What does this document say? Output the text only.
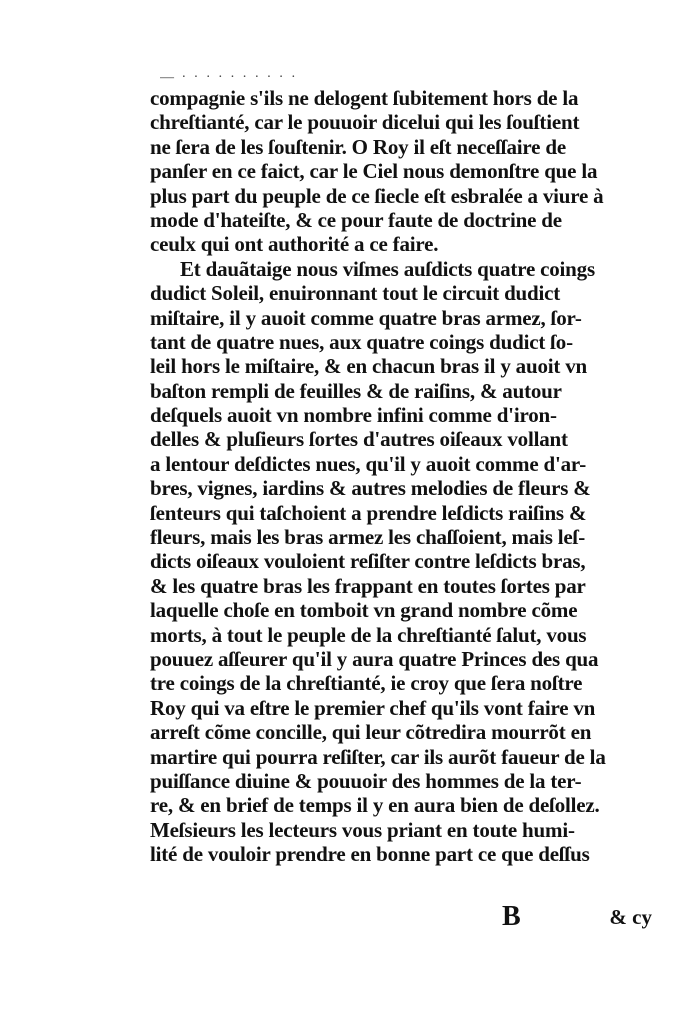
— · · · · · · · · · ·
compagnie s'ils ne delogent ſubitement hors de la
chreſtianté, car le pouuoir dicelui qui les ſouſtient
ne ſera de les ſouſtenir. O Roy il eſt neceſſaire de
panſer en ce faict, car le Ciel nous demonſtre que la
plus part du peuple de ce ſiecle eſt esbralée a viure à
mode d'hateiſte, & ce pour faute de doctrine de
ceulx qui ont authorité a ce faire.
Et dauãtaige nous viſmes auſdicts quatre coings
dudict Soleil, enuironnant tout le circuit dudict
miſtaire, il y auoit comme quatre bras armez, ſor-
tant de quatre nues, aux quatre coings dudict ſo-
leil hors le miſtaire, & en chacun bras il y auoit vn
baſton rempli de feuilles & de raiſins, & autour
deſquels auoit vn nombre infini comme d'iron-
delles & pluſieurs ſortes d'autres oiſeaux vollant
a lentour deſdictes nues, qu'il y auoit comme d'ar-
bres, vignes, iardins & autres melodies de fleurs &
ſenteurs qui taſchoient a prendre leſdicts raiſins &
fleurs, mais les bras armez les chaſſoient, mais leſ-
dicts oiſeaux vouloient reſiſter contre leſdicts bras,
& les quatre bras les frappant en toutes ſortes par
laquelle choſe en tomboit vn grand nombre cõme
morts, à tout le peuple de la chreſtianté ſalut, vous
pouuez aſſeurer qu'il y aura quatre Princes des qua
tre coings de la chreſtianté, ie croy que ſera noſtre
Roy qui va eſtre le premier chef qu'ils vont faire vn
arreſt cõme concille, qui leur cõtredira mourrõt en
martire qui pourra reſiſter, car ils aurõt faueur de la
puiſſance diuine & pouuoir des hommes de la ter-
re, & en brief de temps il y en aura bien de deſollez.
Meſsieurs les lecteurs vous priant en toute humi-
lité de vouloir prendre en bonne part ce que deſſus
B	& cy
